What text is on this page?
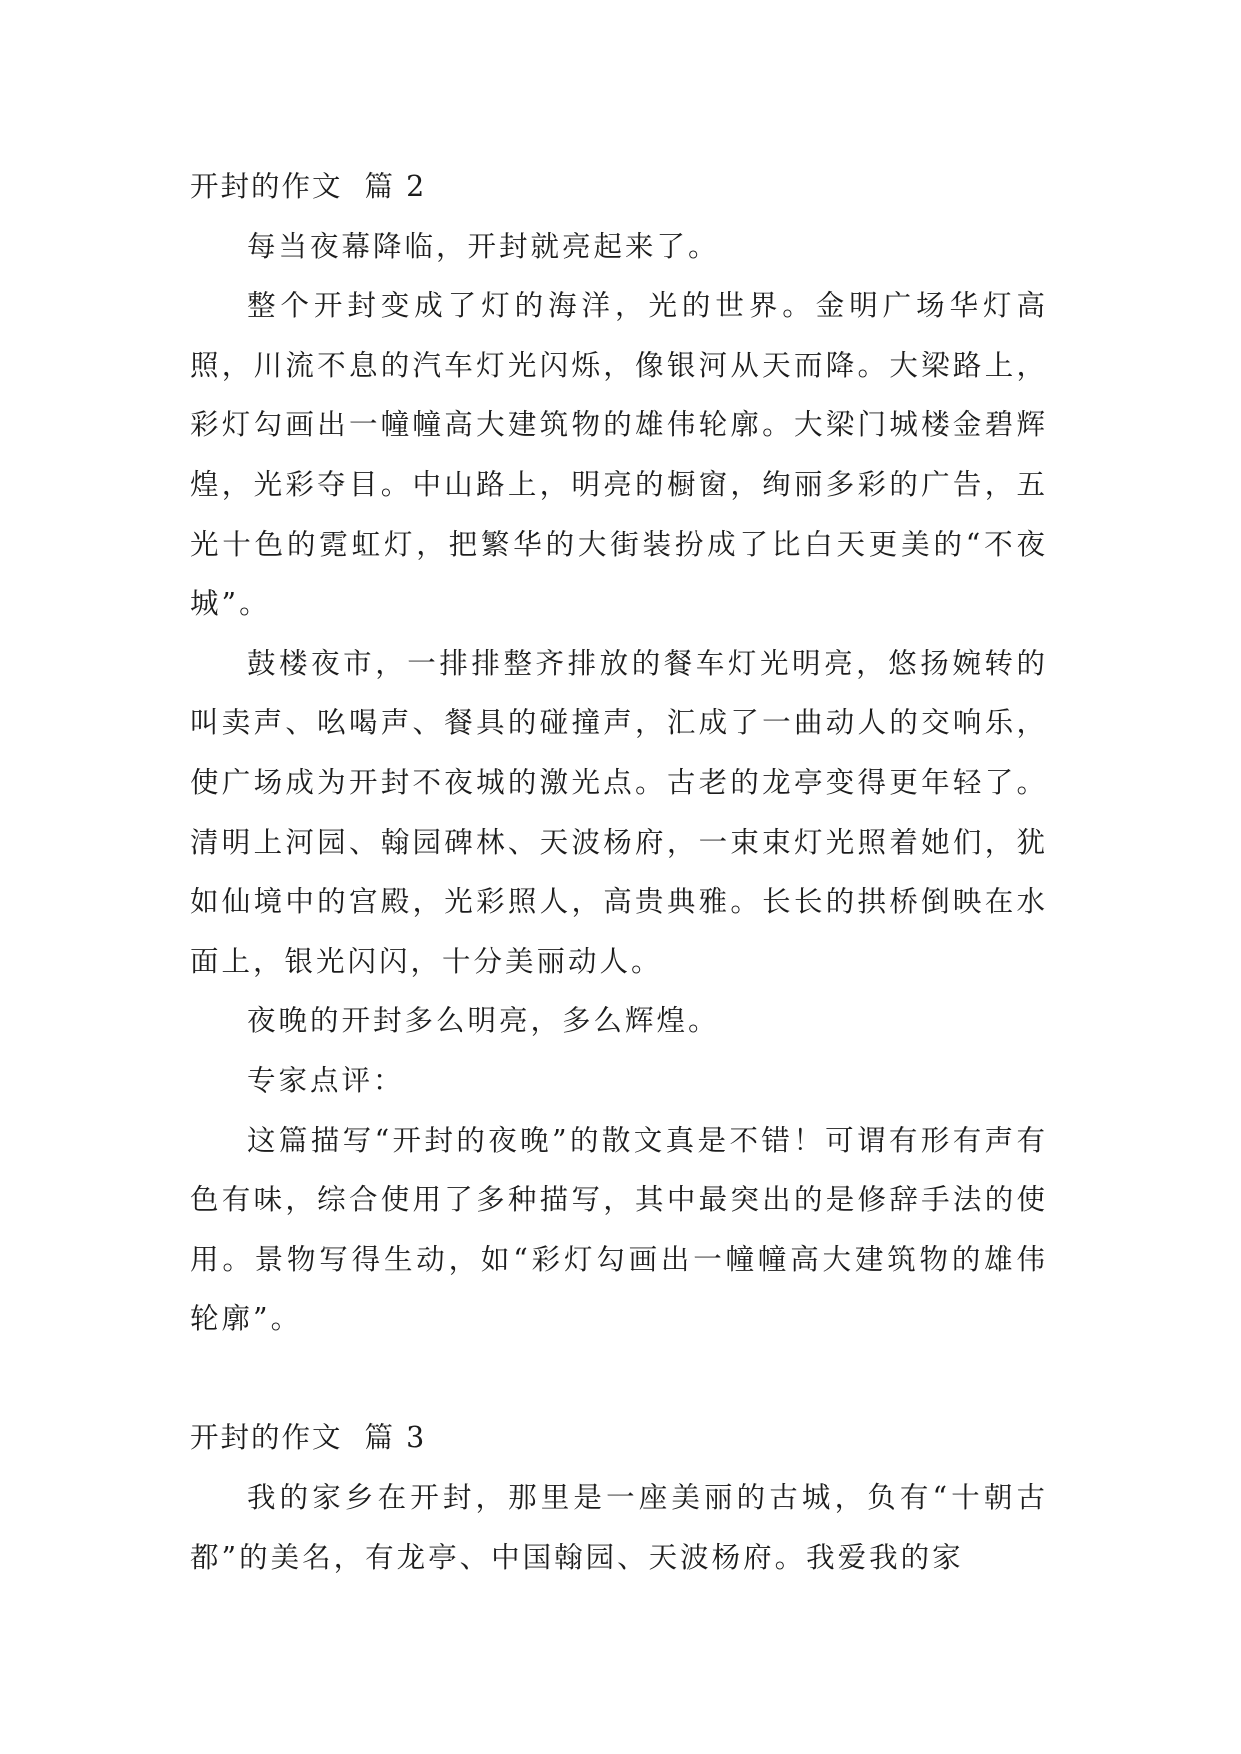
开封的作文 篇 2

每当夜幕降临，开封就亮起来了。

整个开封变成了灯的海洋，光的世界。金明广场华灯高照，川流不息的汽车灯光闪烁，像银河从天而降。大梁路上，彩灯勾画出一幢幢高大建筑物的雄伟轮廓。大梁门城楼金碧辉煌，光彩夺目。中山路上，明亮的橱窗，绚丽多彩的广告，五光十色的霓虹灯，把繁华的大街装扮成了比白天更美的“不夜城”。

鼓楼夜市，一排排整齐排放的餐车灯光明亮，悠扬婉转的叫卖声、吆喝声、餐具的碰撞声，汇成了一曲动人的交响乐，使广场成为开封不夜城的激光点。古老的龙亭变得更年轻了。清明上河园、翰园碑林、天波杨府，一束束灯光照着她们，犹如仙境中的宫殿，光彩照人，高贵典雅。长长的拱桥倒映在水面上，银光闪闪，十分美丽动人。

夜晚的开封多么明亮，多么辉煌。

专家点评：

这篇描写“开封的夜晚”的散文真是不错！可谓有形有声有色有味，综合使用了多种描写，其中最突出的是修辞手法的使用。景物写得生动，如“彩灯勾画出一幢幢高大建筑物的雄伟轮廓”。

开封的作文 篇 3

我的家乡在开封，那里是一座美丽的古城，负有“十朝古都”的美名，有龙亭、中国翰园、天波杨府。我爱我的家
